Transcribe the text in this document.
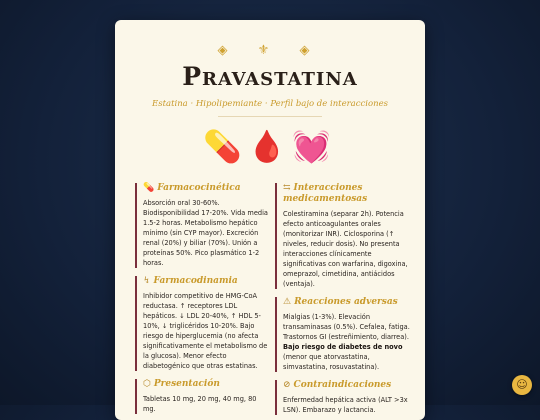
◈ ⚜ ◈
Pravastatina
Estatina · Hipolipemiante · Perfil bajo de interacciones
💊🩸💓
💊 Farmacocinética

Absorción oral 30-60%. Biodisponibilidad 17-20%. Vida media 1.5-2 horas. Metabolismo hepático mínimo (sin CYP mayor). Excreción renal (20%) y biliar (70%). Unión a proteínas 50%. Pico plasmático 1-2 horas.

↯ Farmacodinamia

Inhibidor competitivo de HMG-CoA reductasa. ↑ receptores LDL hepáticos. ↓ LDL 20-40%, ↑ HDL 5-10%, ↓ triglicéridos 10-20%. Bajo riesgo de hiperglucemia (no afecta significativamente el metabolismo de la glucosa). Menor efecto diabetogénico que otras estatinas.

⬡ Presentación

Tabletas 10 mg, 20 mg, 40 mg, 80 mg.

⇆ Interacciones medicamentosas

Colestiramina (separar 2h). Potencia efecto anticoagulantes orales (monitorizar INR). Ciclosporina (↑ niveles, reducir dosis). No presenta interacciones clínicamente significativas con warfarina, digoxina, omeprazol, cimetidina, antiácidos (ventaja).

⚠ Reacciones adversas

Mialgias (1-3%). Elevación transaminasas (0.5%). Cefalea, fatiga. Trastornos GI (estreñimiento, diarrea). Bajo riesgo de diabetes de novo (menor que atorvastatina, simvastatina, rosuvastatina).

⊘ Contraindicaciones

Enfermedad hepática activa (ALT >3x LSN). Embarazo y lactancia.

☺
